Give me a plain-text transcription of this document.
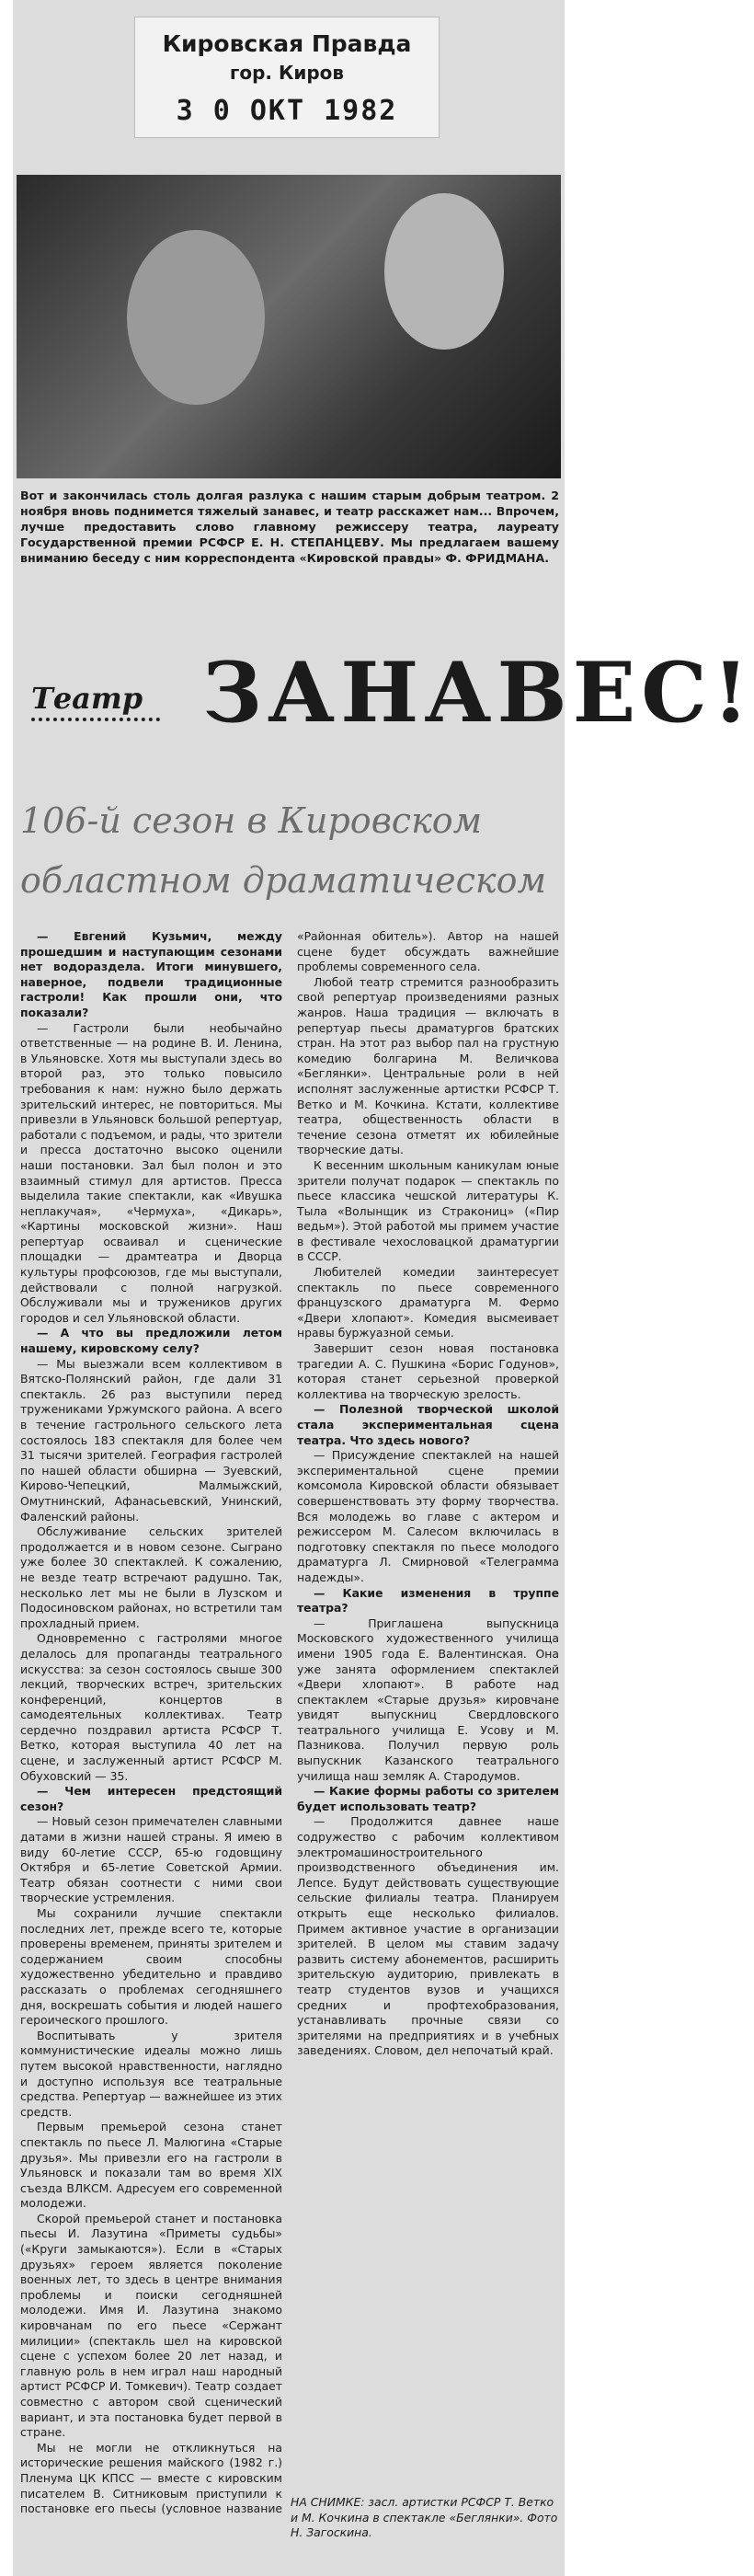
Кировская Правда
гор. Киров
3 0 ОКТ 1982
Вот и закончилась столь долгая разлука с нашим старым добрым театром. 2 ноября вновь поднимется тяжелый занавес, и театр расскажет нам... Впрочем, лучше предоставить слово главному режиссеру театра, лауреату Государственной премии РСФСР Е. Н. СТЕПАНЦЕВУ. Мы предлагаем вашему вниманию беседу с ним корреспондента «Кировской правды» Ф. ФРИДМАНА.
Театр ЗАНАВЕС!
106-й сезон в Кировском
областном драматическом

— Евгений Кузьмич, между прошедшим и наступающим сезонами нет водораздела. Итоги минувшего, наверное, подвели традиционные гастроли! Как прошли они, что показали?

— Гастроли были необычайно ответственные — на родине В. И. Ленина, в Ульяновске. Хотя мы выступали здесь во второй раз, это только повысило требования к нам: нужно было держать зрительский интерес, не повториться. Мы привезли в Ульяновск большой репертуар, работали с подъемом, и рады, что зрители и пресса достаточно высоко оценили наши постановки. Зал был полон и это взаимный стимул для артистов. Прессa выделила такие спектакли, как «Ивушка неплакучая», «Чермуха», «Дикарь», «Картины московской жизни». Наш репертуар осваивал и сценические площадки — драмтеатра и Дворца культуры профсоюзов, где мы выступали, действовали с полной нагрузкой. Обслуживали мы и тружеников других городов и сел Ульяновской области.

— А что вы предложили летом нашему, кировскому селу?

— Мы выезжали всем коллективом в Вятско-Полянский район, где дали 31 спектакль. 26 раз выступили перед тружениками Уржумского района. А всего в течение гастрольного сельского лета состоялось 183 спектакля для более чем 31 тысячи зрителей. География гастролей по нашей области обширна — Зуевский, Кирово-Чепецкий, Малмыжский, Омутнинский, Афанасьевский, Унинский, Фаленский районы.

Обслуживание сельских зрителей продолжается и в новом сезоне. Сыграно уже более 30 спектаклей. К сожалению, не везде театр встречают радушно. Так, несколько лет мы не были в Лузском и Подосиновском районах, но встретили там прохладный прием.

Одновременно с гастролями многое делалось для пропаганды театрального искусства: за сезон состоялось свыше 300 лекций, творческих встреч, зрительских конференций, концертов в самодеятельных коллективах. Театр сердечно поздравил артиста РСФСР Т. Ветко, которая выступила 40 лет на сцене, и заслуженный артист РСФСР М. Обуховский — 35.

— Чем интересен предстоящий сезон?

— Новый сезон примечателен славными датами в жизни нашей страны. Я имею в виду 60-летие СССР, 65-ю годовщину Октября и 65-летие Советской Армии. Театр обязан соотнести с ними свои творческие устремления.

Мы сохранили лучшие спектакли последних лет, прежде всего те, которые проверены временем, приняты зрителем и содержанием своим способны художественно убедительно и правдиво рассказать о проблемах сегодняшнего дня, воскрешать события и людей нашего героического прошлого.

Воспитывать у зрителя коммунистические идеалы можно лишь путем высокой нравственности, наглядно и доступно используя все театральные средства. Репертуар — важнейшее из этих средств.

Первым премьерой сезона станет спектакль по пьесе Л. Малюгина «Старые друзья». Мы привезли его на гастроли в Ульяновск и показали там во время XIX съезда ВЛКСМ. Адресуем его современной молодежи.

Скорой премьерой станет и постановка пьесы И. Лазутина «Приметы судьбы» («Круги замыкаются»). Если в «Старых друзьях» героем является поколение военных лет, то здесь в центре внимания проблемы и поиски сегодняшней молодежи. Имя И. Лазутина знакомо кировчанам по его пьесе «Сержант милиции» (спектакль шел на кировской сцене с успехом более 20 лет назад, и главную роль в нем играл наш народный артист РСФСР И. Томкевич). Театр создает совместно с автором свой сценический вариант, и эта постановка будет первой в стране.

Мы не могли не откликнуться на исторические решения майского (1982 г.) Пленума ЦК КПСС — вместе с кировским писателем В. Ситниковым приступили к постановке его пьесы (условное название «Районная обитель»). Автор на нашей сцене будет обсуждать важнейшие проблемы современного села.

Любой театр стремится разнообразить свой репертуар произведениями разных жанров. Наша традиция — включать в репертуар пьесы драматургов братских стран. На этот раз выбор пал на грустную комедию болгарина М. Величкова «Беглянки». Центральные роли в ней исполнят заслуженные артистки РСФСР Т. Ветко и М. Кочкина. Кстати, коллективе театра, общественность области в течение сезона отметят их юбилейные творческие даты.

К весенним школьным каникулам юные зрители получат подарок — спектакль по пьесе классика чешской литературы К. Тыла «Волынщик из Стракониц» («Пир ведьм»). Этой работой мы примем участие в фестивале чехословацкой драматургии в СССР.

Любителей комедии заинтересует спектакль по пьесе современного французского драматурга М. Фермо «Двери хлопают». Комедия высмеивает нравы буржуазной семьи.

Завершит сезон новая постановка трагедии А. С. Пушкина «Борис Годунов», которая станет серьезной проверкой коллектива на творческую зрелость.

— Полезной творческой школой стала экспериментальная сцена театра. Что здесь нового?

— Присуждение спектаклей на нашей экспериментальной сцене премии комсомола Кировской области обязывает совершенствовать эту форму творчества. Вся молодежь во главе с актером и режиссером М. Салесом включилась в подготовку спектакля по пьесе молодого драматурга Л. Смирновой «Телеграмма надежды».

— Какие изменения в труппе театра?

— Приглашена выпускница Московского художественного училища имени 1905 года Е. Валентинская. Она уже занята оформлением спектаклей «Двери хлопают». В работе над спектаклем «Старые друзья» кировчане увидят выпускниц Свердловского театрального училища Е. Усову и М. Пазникова. Получил первую роль выпускник Казанского театрального училища наш земляк А. Стародумов.

— Какие формы работы со зрителем будет использовать театр?

— Продолжится давнее наше содружество с рабочим коллективом электромашиностроительного производственного объединения им. Лепсе. Будут действовать существующие сельские филиалы театра. Планируем открыть еще несколько филиалов. Примем активное участие в организации зрителей. В целом мы ставим задачу развить систему абонементов, расширить зрительскую аудиторию, привлекать в театр студентов вузов и учащихся средних и профтехобразования, устанавливать прочные связи со зрителями на предприятиях и в учебных заведениях. Словом, дел непочатый край.

НА СНИМКЕ: засл. артистки РСФСР Т. Ветко и М. Кочкина в спектакле «Беглянки». Фото Н. Загоскина.
